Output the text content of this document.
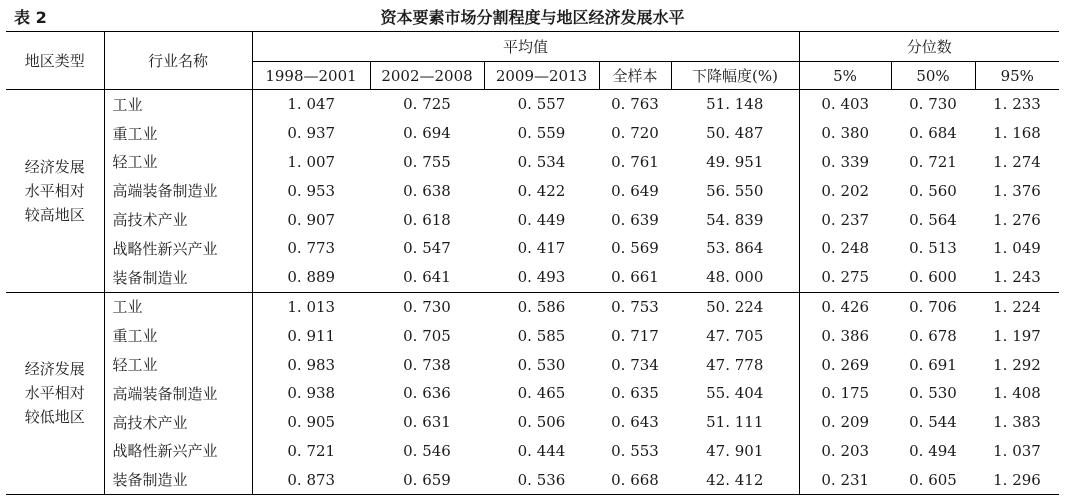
表 2	资本要素市场分割程度与地区经济发展水平
地区类型	行业名称	平均值					分位数		
		1998—2001	2002—2008	2009—2013	全样本	下降幅度(%)	5%	50%	95%

经济发展
水平相对
较高地区	工业	1. 047	0. 725	0. 557	0. 763	51. 148	0. 403	0. 730	1. 233
	重工业	0. 937	0. 694	0. 559	0. 720	50. 487	0. 380	0. 684	1. 168
	轻工业	1. 007	0. 755	0. 534	0. 761	49. 951	0. 339	0. 721	1. 274
	高端装备制造业	0. 953	0. 638	0. 422	0. 649	56. 550	0. 202	0. 560	1. 376
	高技术产业	0. 907	0. 618	0. 449	0. 639	54. 839	0. 237	0. 564	1. 276
	战略性新兴产业	0. 773	0. 547	0. 417	0. 569	53. 864	0. 248	0. 513	1. 049
	装备制造业	0. 889	0. 641	0. 493	0. 661	48. 000	0. 275	0. 600	1. 243

经济发展
水平相对
较低地区	工业	1. 013	0. 730	0. 586	0. 753	50. 224	0. 426	0. 706	1. 224
	重工业	0. 911	0. 705	0. 585	0. 717	47. 705	0. 386	0. 678	1. 197
	轻工业	0. 983	0. 738	0. 530	0. 734	47. 778	0. 269	0. 691	1. 292
	高端装备制造业	0. 938	0. 636	0. 465	0. 635	55. 404	0. 175	0. 530	1. 408
	高技术产业	0. 905	0. 631	0. 506	0. 643	51. 111	0. 209	0. 544	1. 383
	战略性新兴产业	0. 721	0. 546	0. 444	0. 553	47. 901	0. 203	0. 494	1. 037
	装备制造业	0. 873	0. 659	0. 536	0. 668	42. 412	0. 231	0. 605	1. 296
